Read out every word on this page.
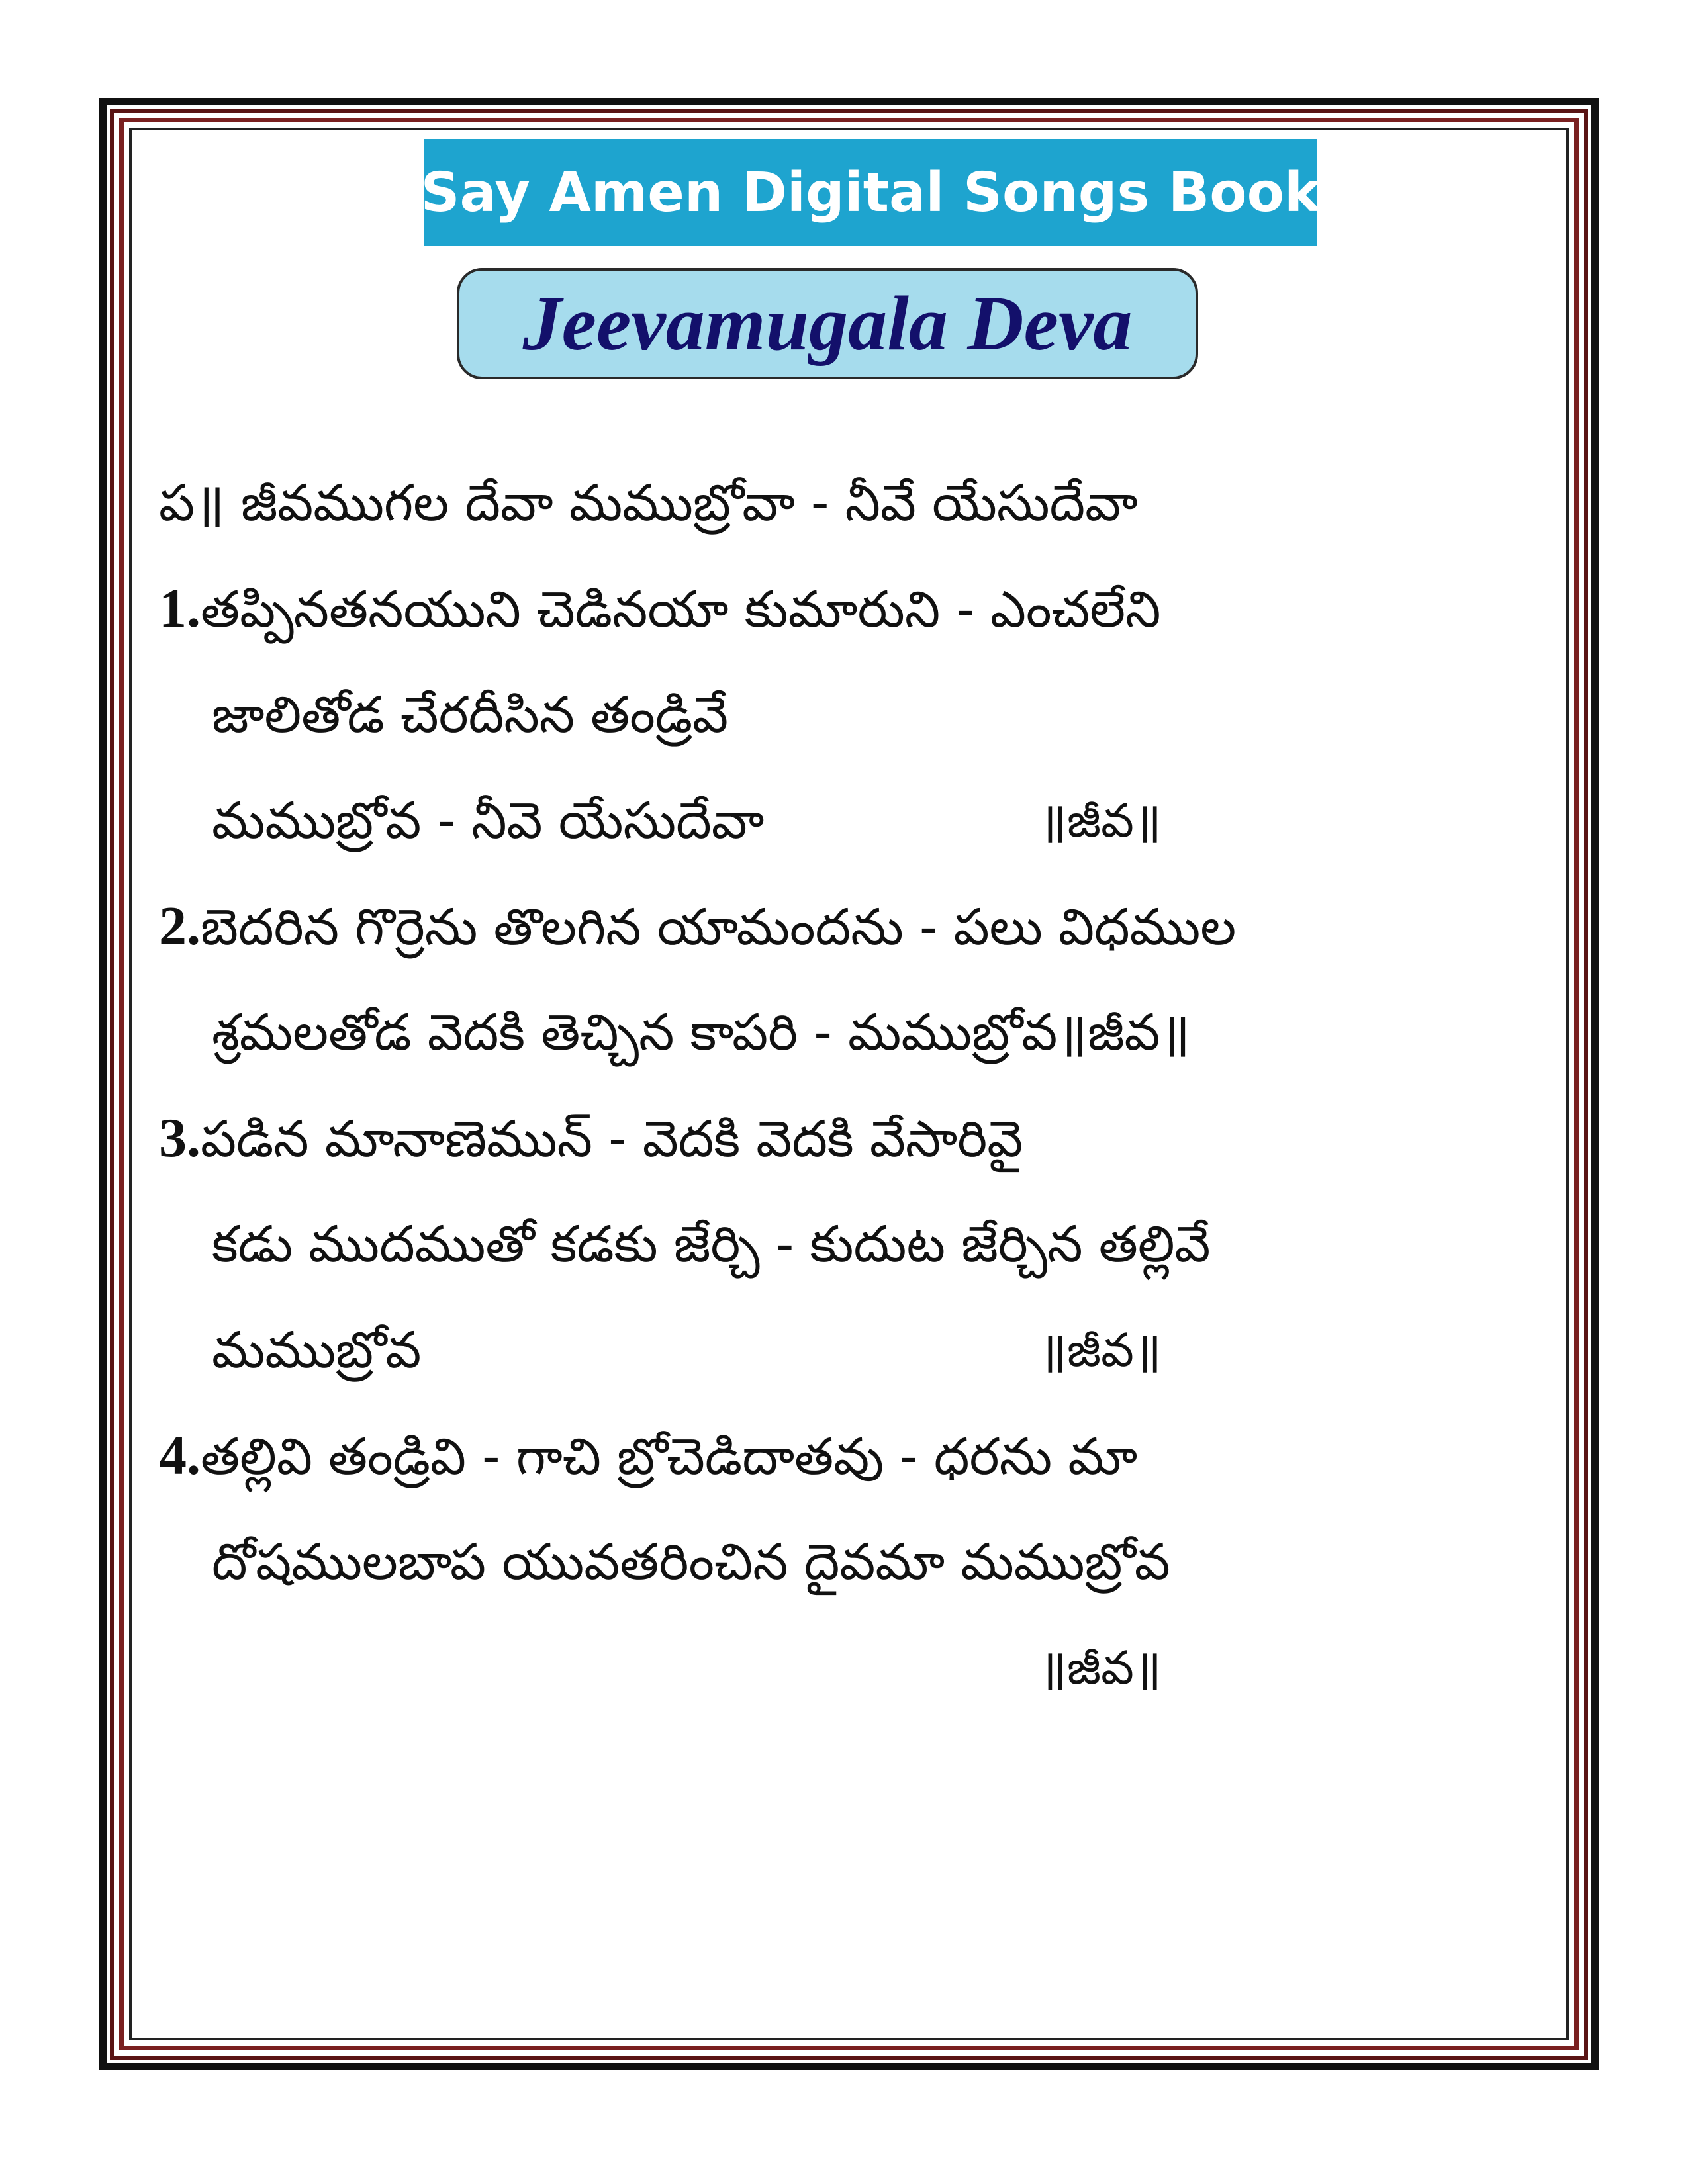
Say Amen Digital Songs Book
Jeevamugala Deva
ప॥ జీవముగల దేవా మముబ్రోవా - నీవే యేసుదేవా
1.తప్పినతనయుని చెడినయా కుమారుని - ఎంచలేని
జాలితోడ చేరదీసిన తండ్రివే
మముబ్రోవ - నీవె యేసుదేవా	॥జీవ॥
2.బెదరిన గొర్రెను తొలగిన యామందను - పలు విధముల
శ్రమలతోడ వెదకి తెచ్చిన కాపరి - మముబ్రోవ॥జీవ॥
3.పడిన మానాణెమున్ - వెదకి వెదకి వేసారివై
కడు ముదముతో కడకు జేర్చి - కుదుట జేర్చిన తల్లివే
మముబ్రోవ	॥జీవ॥
4.తల్లివి తండ్రివి - గాచి బ్రోచెడిదాతవు - ధరను మా
దోషములబాప యువతరించిన దైవమా మముబ్రోవ
॥జీవ॥
